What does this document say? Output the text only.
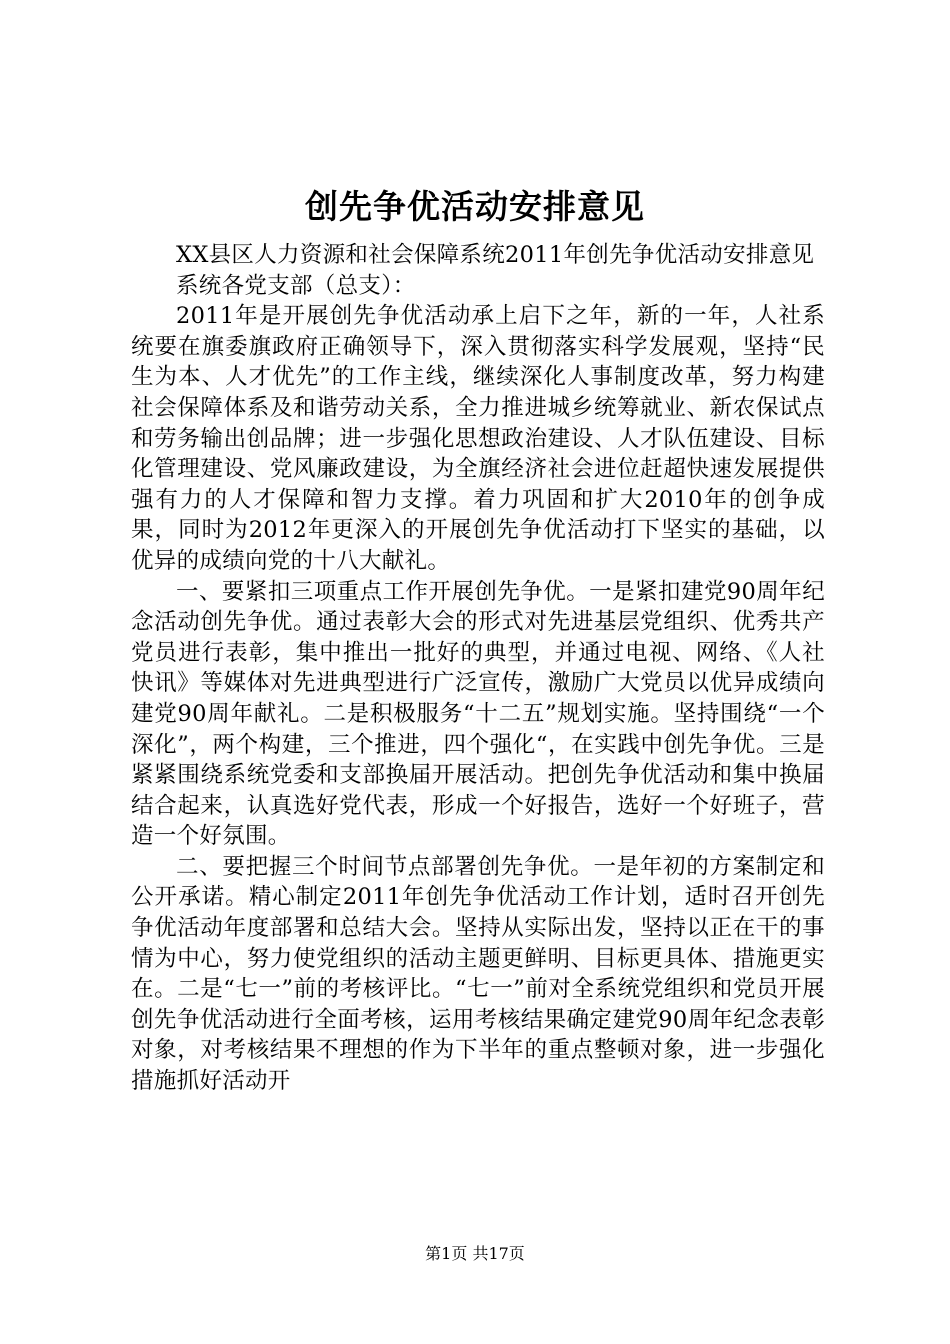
创先争优活动安排意见

XX县区人力资源和社会保障系统2011年创先争优活动安排意见

系统各党支部（总支）：

2011年是开展创先争优活动承上启下之年，新的一年，人社系统要在旗委旗政府正确领导下，深入贯彻落实科学发展观，坚持“民生为本、人才优先”的工作主线，继续深化人事制度改革，努力构建社会保障体系及和谐劳动关系，全力推进城乡统筹就业、新农保试点和劳务输出创品牌；进一步强化思想政治建设、人才队伍建设、目标化管理建设、党风廉政建设，为全旗经济社会进位赶超快速发展提供强有力的人才保障和智力支撑。着力巩固和扩大2010年的创争成果，同时为2012年更深入的开展创先争优活动打下坚实的基础，以优异的成绩向党的十八大献礼。

一、要紧扣三项重点工作开展创先争优。一是紧扣建党90周年纪念活动创先争优。通过表彰大会的形式对先进基层党组织、优秀共产党员进行表彰，集中推出一批好的典型，并通过电视、网络、《人社快讯》等媒体对先进典型进行广泛宣传，激励广大党员以优异成绩向建党90周年献礼。二是积极服务“十二五”规划实施。坚持围绕“一个深化”，两个构建，三个推进，四个强化“，在实践中创先争优。三是紧紧围绕系统党委和支部换届开展活动。把创先争优活动和集中换届结合起来，认真选好党代表，形成一个好报告，选好一个好班子，营造一个好氛围。

二、要把握三个时间节点部署创先争优。一是年初的方案制定和公开承诺。精心制定2011年创先争优活动工作计划，适时召开创先争优活动年度部署和总结大会。坚持从实际出发，坚持以正在干的事情为中心，努力使党组织的活动主题更鲜明、目标更具体、措施更实在。二是“七一”前的考核评比。“七一”前对全系统党组织和党员开展创先争优活动进行全面考核，运用考核结果确定建党90周年纪念表彰对象，对考核结果不理想的作为下半年的重点整顿对象，进一步强化措施抓好活动开

第1页 共17页
